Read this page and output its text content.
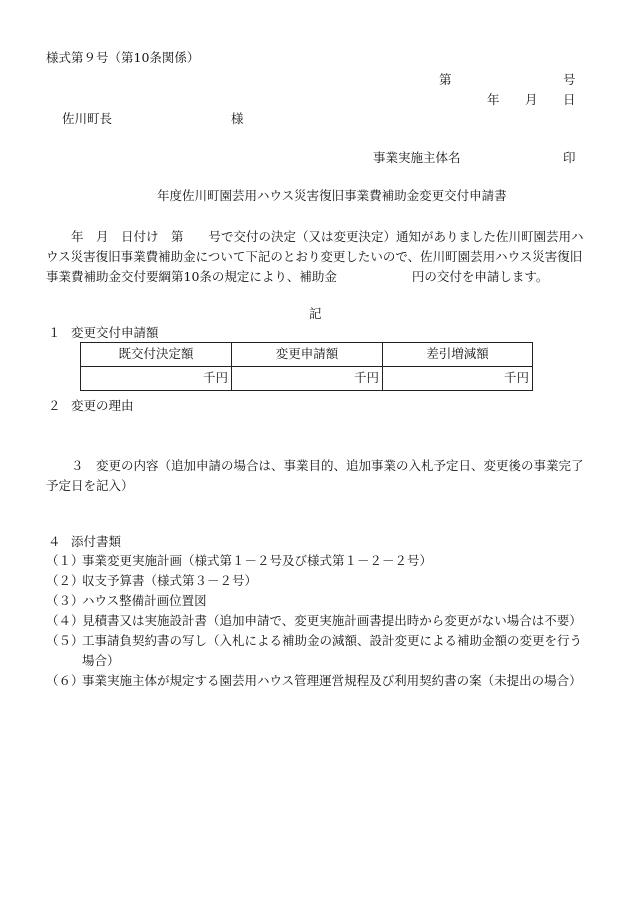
様式第９号（第10条関係）
第	号
年 月 日
佐川町長	様
事業実施主体名	印
年度佐川町園芸用ハウス災害復旧事業費補助金変更交付申請書
年　月　日付け　第　　号で交付の決定（又は変更決定）通知がありました佐川町園芸用ハウス災害復旧事業費補助金について下記のとおり変更したいので、佐川町園芸用ハウス災害復旧事業費補助金交付要綱第10条の規定により、補助金　　　　　　円の交付を申請します。
記
１ 変更交付申請額
既交付決定額	変更申請額	差引増減額
千円	千円	千円
２ 変更の理由
３　 変更の内容（追加申請の場合は、事業目的、追加事業の入札予定日、変更後の事業完了予定日を記入）
４ 添付書類
（１）
事業変更実施計画（様式第１－２号及び様式第１－２－２号）
（２）
収支予算書（様式第３－２号）
（３）
ハウス整備計画位置図
（４）
見積書又は実施設計書（追加申請で、変更実施計画書提出時から変更がない場合は不要）
（５）
工事請負契約書の写し（入札による補助金の減額、設計変更による補助金額の変更を行う場合）
（６）
事業実施主体が規定する園芸用ハウス管理運営規程及び利用契約書の案（未提出の場合）
